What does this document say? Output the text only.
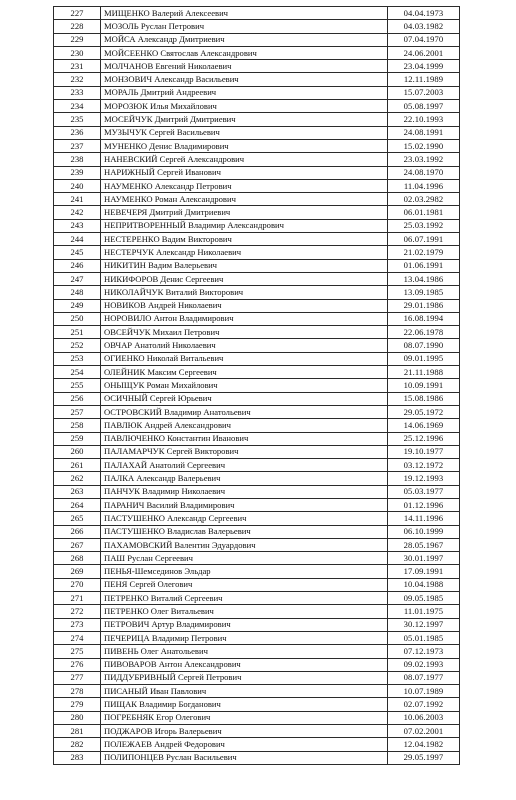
227	МИЩЕНКО Валерий Алексеевич	04.04.1973
228	МОЗОЛЬ Руслан Петрович	04.03.1982
229	МОЙСА Александр Дмитриевич	07.04.1970
230	МОЙСЕЕНКО Святослав Александрович	24.06.2001
231	МОЛЧАНОВ Евгений Николаевич	23.04.1999
232	МОНЗОВИЧ Александр Васильевич	12.11.1989
233	МОРАЛЬ Дмитрий Андреевич	15.07.2003
234	МОРОЗЮК Илья Михайлович	05.08.1997
235	МОСЕЙЧУК Дмитрий Дмитриевич	22.10.1993
236	МУЗЫЧУК Сергей Васильевич	24.08.1991
237	МУНЕНКО Денис Владимирович	15.02.1990
238	НАНЕВСКИЙ Сергей Александрович	23.03.1992
239	НАРИЖНЫЙ Сергей Иванович	24.08.1970
240	НАУМЕНКО Александр Петрович	11.04.1996
241	НАУМЕНКО Роман Александрович	02.03.2982
242	НЕВЕЧЕРЯ Дмитрий Дмитриевич	06.01.1981
243	НЕПРИТВОРЕННЫЙ Владимир Александрович	25.03.1992
244	НЕСТЕРЕНКО Вадим Викторович	06.07.1991
245	НЕСТЕРЧУК Александр Николаевич	21.02.1979
246	НИКИТИН Вадим Валерьевич	01.06.1991
247	НИКИФОРОВ Денис Сергеевич	13.04.1986
248	НИКОЛАЙЧУК Виталий Викторович	13.09.1985
249	НОВИКОВ Андрей Николаевич	29.01.1986
250	НОРОВИЛО Антон Владимирович	16.08.1994
251	ОВСЕЙЧУК Михаил Петрович	22.06.1978
252	ОВЧАР Анатолий Николаевич	08.07.1990
253	ОГИЕНКО Николай Витальевич	09.01.1995
254	ОЛЕЙНИК Максим Сергеевич	21.11.1988
255	ОНЫЩУК Роман Михайлович	10.09.1991
256	ОСИЧНЫЙ Сергей Юрьевич	15.08.1986
257	ОСТРОВСКИЙ Владимир Анатольевич	29.05.1972
258	ПАВЛЮК Андрей Александрович	14.06.1969
259	ПАВЛЮЧЕНКО Константин Иванович	25.12.1996
260	ПАЛАМАРЧУК Сергей Викторович	19.10.1977
261	ПАЛАХАЙ Анатолий Сергеевич	03.12.1972
262	ПАЛКА Александр Валерьевич	19.12.1993
263	ПАНЧУК Владимир Николаевич	05.03.1977
264	ПАРАНИЧ Василий Владимирович	01.12.1996
265	ПАСТУШЕНКО Александр Сергеевич	14.11.1996
266	ПАСТУШЕНКО Владислав Валерьевич	06.10.1999
267	ПАХАМОВСКИЙ Валентин Эдуардович	28.05.1967
268	ПАШ Руслан Сергеевич	30.01.1997
269	ПЕНЬЯ-Шемсединов Эльдар	17.09.1991
270	ПЕНЯ Сергей Олегович	10.04.1988
271	ПЕТРЕНКО Виталий Сергеевич	09.05.1985
272	ПЕТРЕНКО Олег Витальевич	11.01.1975
273	ПЕТРОВИЧ Артур Владимирович	30.12.1997
274	ПЕЧЕРИЦА Владимир Петрович	05.01.1985
275	ПИВЕНЬ Олег Анатольевич	07.12.1973
276	ПИВОВАРОВ Антон Александрович	09.02.1993
277	ПИДДУБРИВНЫЙ Сергей Петрович	08.07.1977
278	ПИСАНЫЙ Иван Павлович	10.07.1989
279	ПИЩАК Владимир Богданович	02.07.1992
280	ПОГРЕБНЯК Егор Олегович	10.06.2003
281	ПОДЖАРОВ Игорь Валерьевич	07.02.2001
282	ПОЛЕЖАЕВ Андрей Федорович	12.04.1982
283	ПОЛИПОНЦЕВ Руслан Васильевич	29.05.1997
